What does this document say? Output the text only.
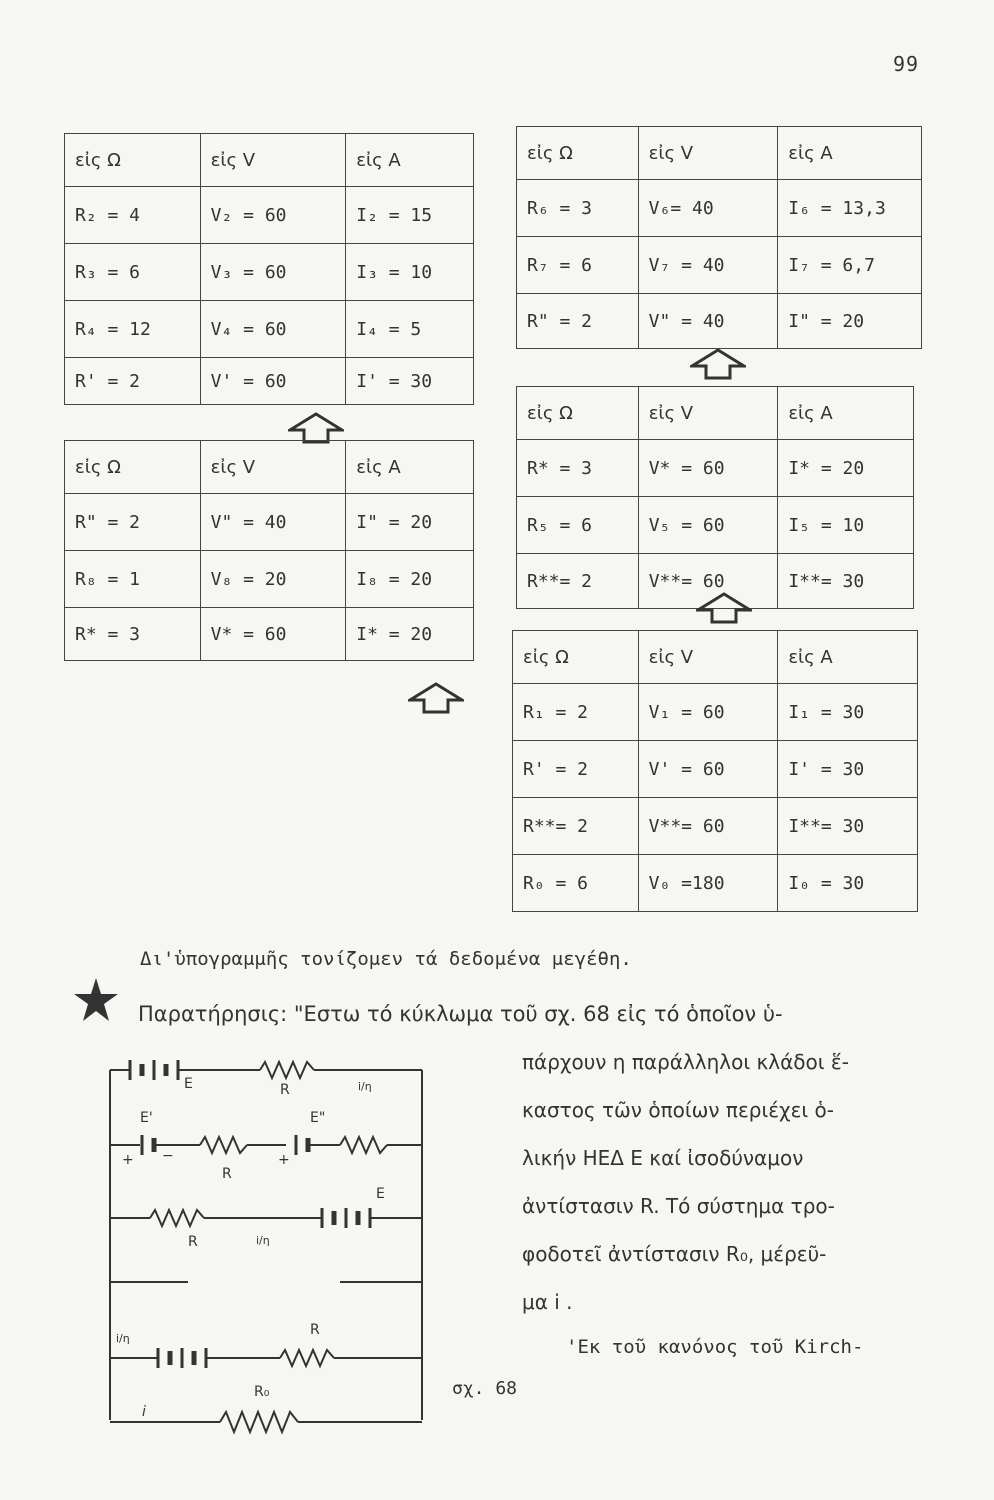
99
εἰς Ω	εἰς V	εἰς A
R₂ = 4	V₂ = 60	I₂ = 15
R₃ = 6	V₃ = 60	I₃ = 10
R₄ = 12	V₄ = 60	I₄ = 5
R' = 2	V' = 60	I' = 30
εἰς Ω	εἰς V	εἰς A
R" = 2	V" = 40	I" = 20
R₈ = 1	V₈ = 20	I₈ = 20
R* = 3	V* = 60	I* = 20
εἰς Ω	εἰς V	εἰς A
R₆ = 3	V₆= 40	I₆ = 13,3
R₇ = 6	V₇ = 40	I₇ = 6,7
R" = 2	V" = 40	I" = 20
εἰς Ω	εἰς V	εἰς A
R* = 3	V* = 60	I* = 20
R₅ = 6	V₅ = 60	I₅ = 10
R**= 2	V**= 60	I**= 30
εἰς Ω	εἰς V	εἰς A
R₁ = 2	V₁ = 60	I₁ = 30
R' = 2	V' = 60	I' = 30
R**= 2	V**= 60	I**= 30
R₀ = 6	V₀ =180	I₀ = 30
Δι'ὑπογραμμῆς τονίζομεν τά δεδομένα μεγέθη.
Παρατήρησις: "Εστω τό κύκλωμα τοῦ σχ. 68 εἰς τό ὁποῖον ὑ-
πάρχουν η παράλληλοι κλάδοι ἕ-
καστος τῶν ὁποίων περιέχει ὁ-
λικήν ΗΕΔ E καί ἰσοδύναμον
ἀντίστασιν R. Τό σύστημα τρο-
φοδοτεῖ ἀντίστασιν R₀, μέρεῦ-
μα i .
'Εκ τοῦ κανόνος τοῦ Kirch-
σχ. 68
E	R	i/η
E'	E"
+ −	+
R
R	i/η
E
i/η
R
R₀
i
